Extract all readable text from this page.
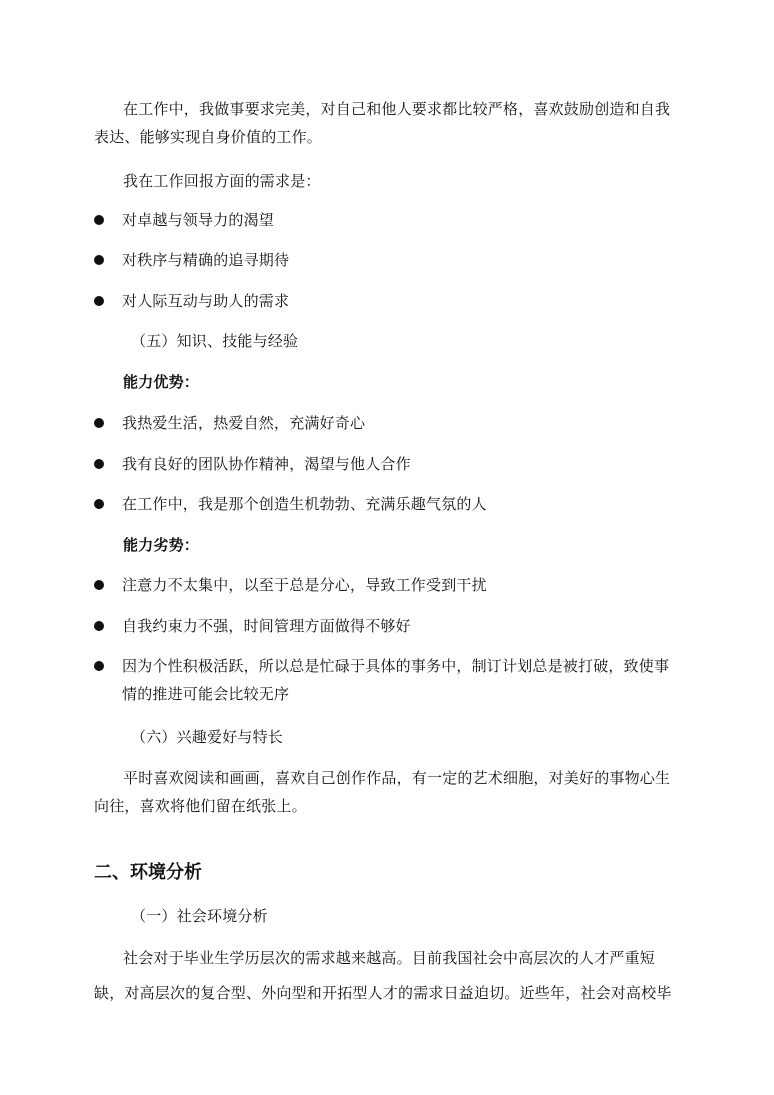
在工作中，我做事要求完美，对自己和他人要求都比较严格，喜欢鼓励创造和自我
表达、能够实现自身价值的工作。
我在工作回报方面的需求是：
对卓越与领导力的渴望
对秩序与精确的追寻期待
对人际互动与助人的需求
（五）知识、技能与经验
能力优势：
我热爱生活，热爱自然，充满好奇心
我有良好的团队协作精神，渴望与他人合作
在工作中，我是那个创造生机勃勃、充满乐趣气氛的人
能力劣势：
注意力不太集中，以至于总是分心，导致工作受到干扰
自我约束力不强，时间管理方面做得不够好
因为个性积极活跃，所以总是忙碌于具体的事务中，制订计划总是被打破，致使事
情的推进可能会比较无序
（六）兴趣爱好与特长
平时喜欢阅读和画画，喜欢自己创作作品，有一定的艺术细胞，对美好的事物心生
向往，喜欢将他们留在纸张上。
二、环境分析
（一）社会环境分析
社会对于毕业生学历层次的需求越来越高。目前我国社会中高层次的人才严重短
缺，对高层次的复合型、外向型和开拓型人才的需求日益迫切。近些年，社会对高校毕
